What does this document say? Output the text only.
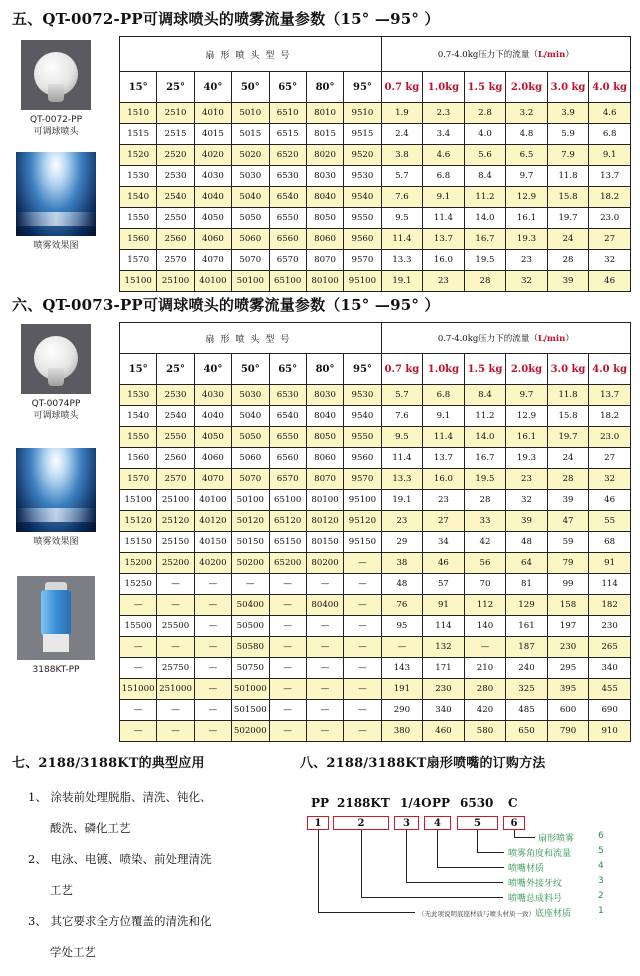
五、QT-0072-PP可调球喷头的喷雾流量参数（15° —95° ）
QT-0072-PP
可调球喷头
喷雾效果图
扇形喷头型号							0.7-4.0kg压力下的流量（L/min）					
15°	25°	40°	50°	65°	80°	95°	0.7 kg	1.0kg	1.5 kg	2.0kg	3.0 kg	4.0 kg
1510	2510	4010	5010	6510	8010	9510	1.9	2.3	2.8	3.2	3.9	4.6
1515	2515	4015	5015	6515	8015	9515	2.4	3.4	4.0	4.8	5.9	6.8
1520	2520	4020	5020	6520	8020	9520	3.8	4.6	5.6	6.5	7.9	9.1
1530	2530	4030	5030	6530	8030	9530	5.7	6.8	8.4	9.7	11.8	13.7
1540	2540	4040	5040	6540	8040	9540	7.6	9.1	11.2	12.9	15.8	18.2
1550	2550	4050	5050	6550	8050	9550	9.5	11.4	14.0	16.1	19.7	23.0
1560	2560	4060	5060	6560	8060	9560	11.4	13.7	16.7	19.3	24	27
1570	2570	4070	5070	6570	8070	9570	13.3	16.0	19.5	23	28	32
15100	25100	40100	50100	65100	80100	95100	19.1	23	28	32	39	46
六、QT-0073-PP可调球喷头的喷雾流量参数（15° —95° ）
QT-0074PP
可调球喷头
喷雾效果图
3188KT-PP
扇形喷头型号							0.7-4.0kg压力下的流量（L/min）					
15°	25°	40°	50°	65°	80°	95°	0.7 kg	1.0kg	1.5 kg	2.0kg	3.0 kg	4.0 kg
1530	2530	4030	5030	6530	8030	9530	5.7	6.8	8.4	9.7	11.8	13.7
1540	2540	4040	5040	6540	8040	9540	7.6	9.1	11.2	12.9	15.8	18.2
1550	2550	4050	5050	6550	8050	9550	9.5	11.4	14.0	16.1	19.7	23.0
1560	2560	4060	5060	6560	8060	9560	11.4	13.7	16.7	19.3	24	27
1570	2570	4070	5070	6570	8070	9570	13.3	16.0	19.5	23	28	32
15100	25100	40100	50100	65100	80100	95100	19.1	23	28	32	39	46
15120	25120	40120	50120	65120	80120	95120	23	27	33	39	47	55
15150	25150	40150	50150	65150	80150	95150	29	34	42	48	59	68
15200	25200	40200	50200	65200	80200	—	38	46	56	64	79	91
15250	—	—	—	—	—	—	48	57	70	81	99	114
—	—	—	50400	—	80400	—	76	91	112	129	158	182
15500	25500	—	50500	—	—	—	95	114	140	161	197	230
—	—	—	50580	—	—	—	—	132	—	187	230	265
—	25750	—	50750	—	—	—	143	171	210	240	295	340
151000	251000	—	501000	—	—	—	191	230	280	325	395	455
—	—	—	501500	—	—	—	290	340	420	485	600	690
—	—	—	502000	—	—	—	380	460	580	650	790	910
七、2188/3188KT的典型应用
1、 涂装前处理脱脂、清洗、钝化、
酸洗、磷化工艺
2、 电泳、电镀、喷染、前处理清洗
工艺
3、 其它要求全方位覆盖的清洗和化
学处工艺
八、2188/3188KT扇形喷嘴的订购方法
PP 2188KT 1/4O PP 6530 C
1	2	3	4	5	6
扇形喷雾	6
喷雾角度和流量	5
喷嘴材质	4
喷嘴外接牙纹	3
喷嘴总成料号	2
（无此项说明底座材质与喷头材质一致）底座材质	1
